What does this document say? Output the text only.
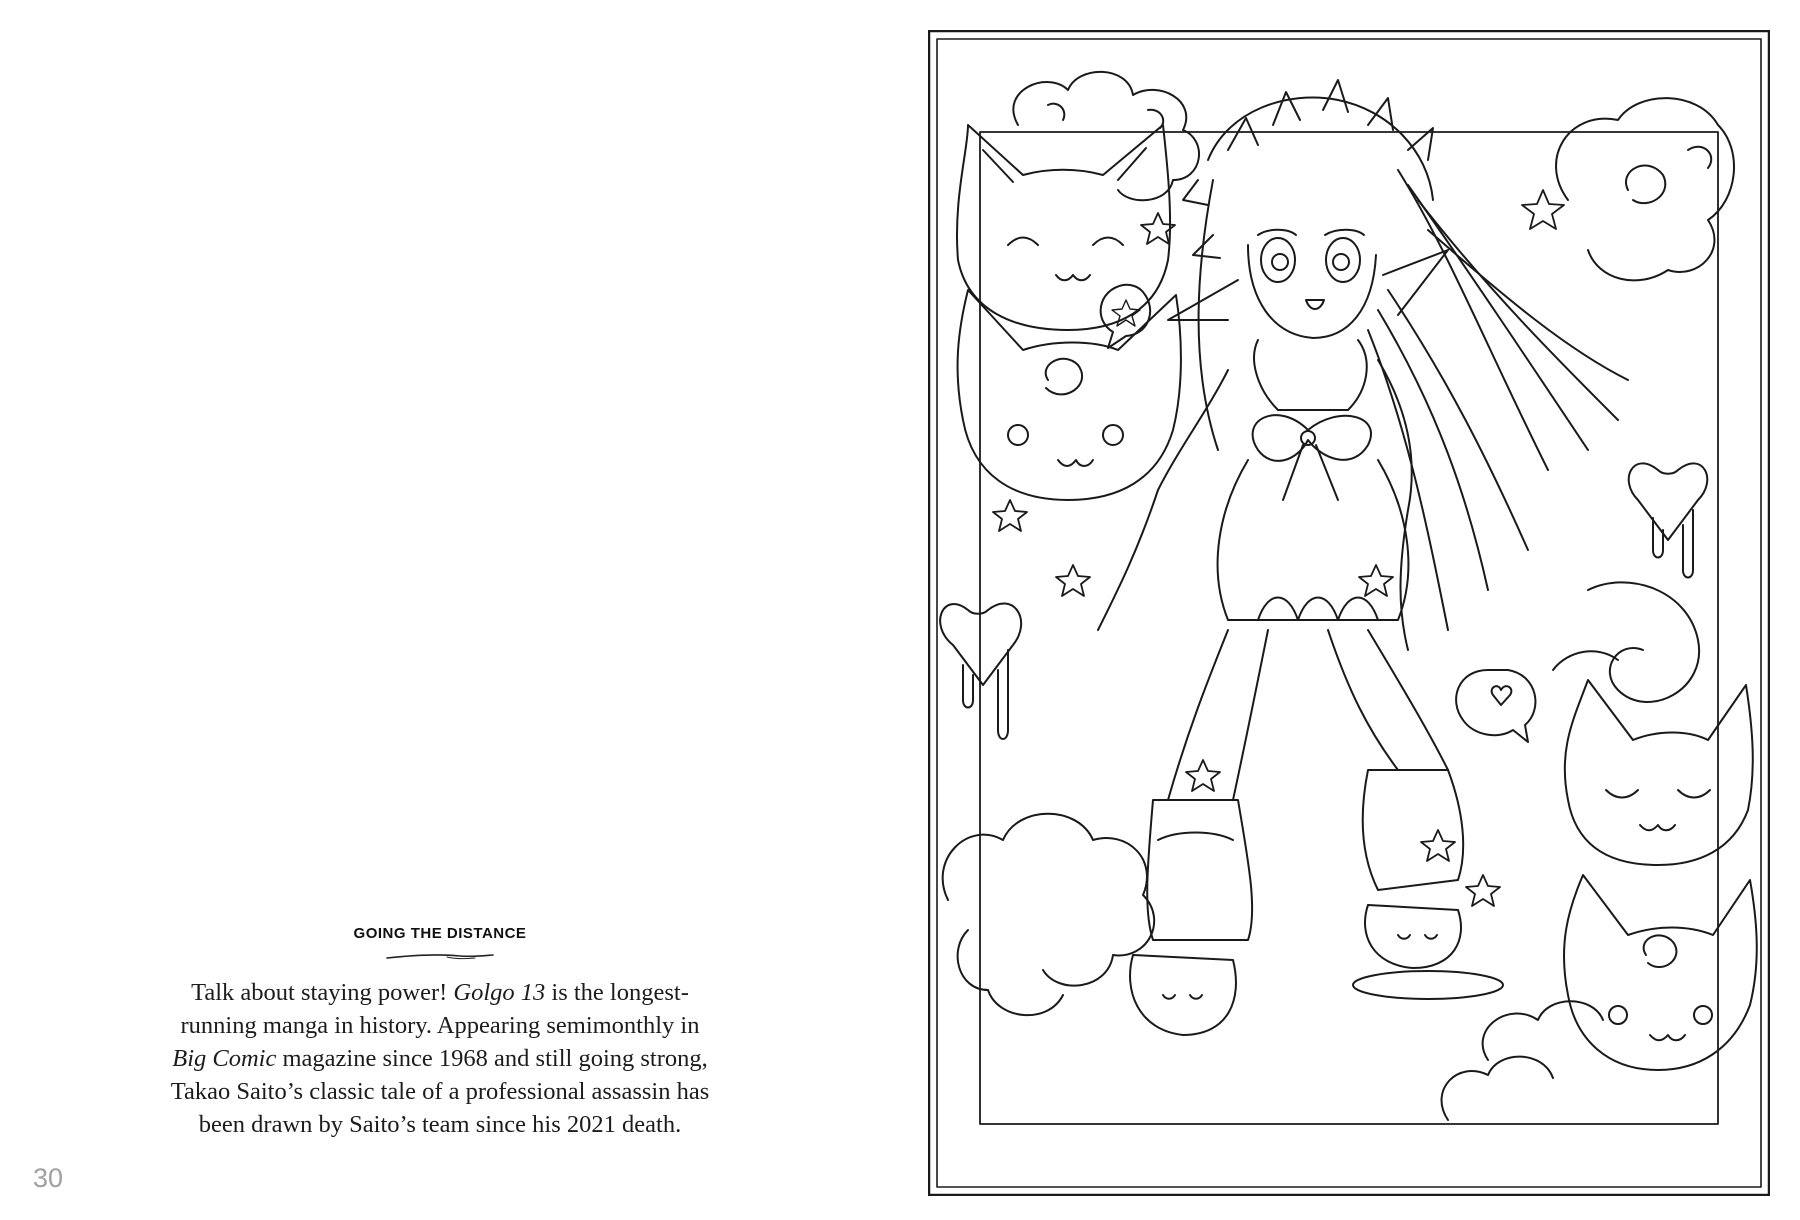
GOING THE DISTANCE

Talk about staying power! Golgo 13 is the longest-
running manga in history. Appearing semimonthly in
Big Comic magazine since 1968 and still going strong,
Takao Saito’s classic tale of a professional assassin has
been drawn by Saito’s team since his 2021 death.

30
